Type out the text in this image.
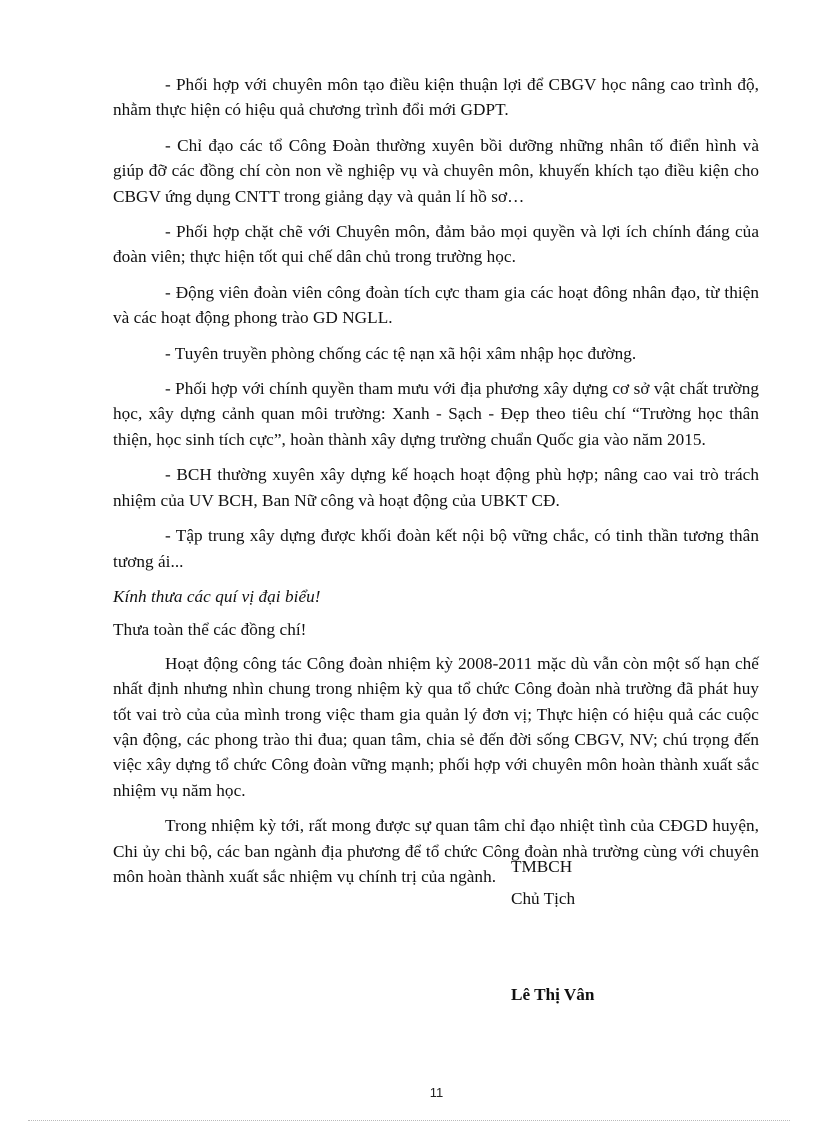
- Phối hợp với chuyên môn tạo điều kiện thuận lợi để CBGV học nâng cao trình độ, nhằm thực hiện có hiệu quả chương trình đổi mới GDPT.

- Chỉ đạo các tổ Công Đoàn thường xuyên bồi dưỡng những nhân tố điển hình và giúp đỡ các đồng chí còn non về nghiệp vụ và chuyên môn, khuyến khích tạo điều kiện cho CBGV ứng dụng CNTT trong giảng dạy và quản lí hồ sơ…

- Phối hợp chặt chẽ với Chuyên môn, đảm bảo mọi quyền và lợi ích chính đáng của đoàn viên; thực hiện tốt qui chế dân chủ trong trường học.

- Động viên đoàn viên công đoàn tích cực tham gia các hoạt đông nhân đạo, từ thiện và các hoạt động phong trào GD NGLL.

- Tuyên truyền phòng chống các tệ nạn xã hội xâm nhập học đường.

- Phối hợp với chính quyền tham mưu với địa phương xây dựng cơ sở vật chất trường học, xây dựng cảnh quan môi trường: Xanh - Sạch - Đẹp theo tiêu chí “Trường học thân thiện, học sinh tích cực”, hoàn thành xây dựng trường chuẩn Quốc gia vào năm 2015.

- BCH thường xuyên xây dựng kế hoạch hoạt động phù hợp; nâng cao vai trò trách nhiệm của UV BCH, Ban Nữ công và hoạt động của UBKT CĐ.

- Tập trung xây dựng được khối đoàn kết nội bộ vững chắc, có tinh thần tương thân tương ái...

Kính thưa các quí vị đại biểu!

Thưa toàn thể các đồng chí!

Hoạt động công tác Công đoàn nhiệm kỳ 2008-2011 mặc dù vẫn còn một số hạn chế nhất định nhưng nhìn chung trong nhiệm kỳ qua tổ chức Công đoàn nhà trường đã phát huy tốt vai trò của của mình trong việc tham gia quản lý đơn vị; Thực hiện có hiệu quả các cuộc vận động, các phong trào thi đua; quan tâm, chia sẻ đến đời sống CBGV, NV; chú trọng đến việc xây dựng tổ chức Công đoàn vững mạnh; phối hợp với chuyên môn hoàn thành xuất sắc nhiệm vụ năm học.

Trong nhiệm kỳ tới, rất mong được sự quan tâm chỉ đạo nhiệt tình của CĐGD huyện, Chi ủy chi bộ, các ban ngành địa phương để tổ chức Công đoàn nhà trường cùng với chuyên môn hoàn thành xuất sắc nhiệm vụ chính trị của ngành.

TMBCH

Chủ Tịch

Lê Thị Vân

11
